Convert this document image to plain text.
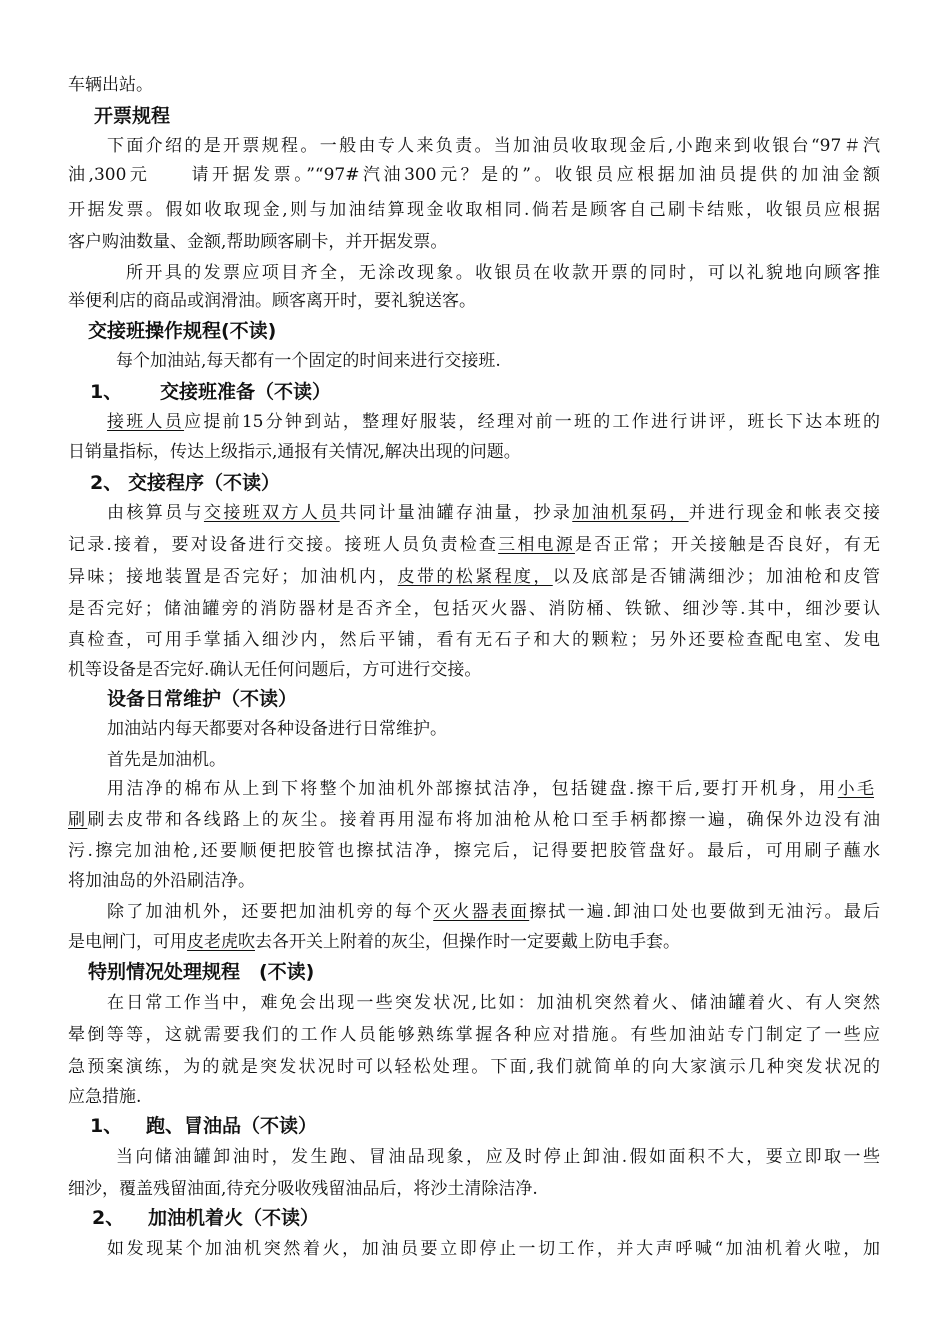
车辆出站。
开票规程
下面介绍的是开票规程。一般由专人来负责。当加油员收取现金后,小跑来到收银台“97＃汽
油,300元　　请开据发票。”“97#汽油300元？是的”。收银员应根据加油员提供的加油金额
开据发票。假如收取现金,则与加油结算现金收取相同.倘若是顾客自己刷卡结账，收银员应根据
客户购油数量、金额,帮助顾客刷卡，并开据发票。
所开具的发票应项目齐全，无涂改现象。收银员在收款开票的同时，可以礼貌地向顾客推
举便利店的商品或润滑油。顾客离开时，要礼貌送客。
交接班操作规程(不读)
每个加油站,每天都有一个固定的时间来进行交接班.
1、 交接班准备（不读）
接班人员应提前15分钟到站，整理好服装，经理对前一班的工作进行讲评，班长下达本班的
日销量指标，传达上级指示,通报有关情况,解决出现的问题。
2、 交接程序（不读）
由核算员与交接班双方人员共同计量油罐存油量，抄录加油机泵码，并进行现金和帐表交接
记录.接着，要对设备进行交接。接班人员负责检查三相电源是否正常；开关接触是否良好，有无
异味；接地装置是否完好；加油机内，皮带的松紧程度，以及底部是否铺满细沙；加油枪和皮管
是否完好；储油罐旁的消防器材是否齐全，包括灭火器、消防桶、铁锨、细沙等.其中，细沙要认
真检查，可用手掌插入细沙内，然后平铺，看有无石子和大的颗粒；另外还要检查配电室、发电
机等设备是否完好.确认无任何问题后，方可进行交接。
设备日常维护（不读）
加油站内每天都要对各种设备进行日常维护。
首先是加油机。
用洁净的棉布从上到下将整个加油机外部擦拭洁净，包括键盘.擦干后,要打开机身，用小毛
刷刷去皮带和各线路上的灰尘。接着再用湿布将加油枪从枪口至手柄都擦一遍，确保外边没有油
污.擦完加油枪,还要顺便把胶管也擦拭洁净，擦完后，记得要把胶管盘好。最后，可用刷子蘸水
将加油岛的外沿刷洁净。
除了加油机外，还要把加油机旁的每个灭火器表面擦拭一遍.卸油口处也要做到无油污。最后
是电闸门，可用皮老虎吹去各开关上附着的灰尘，但操作时一定要戴上防电手套。
特别情况处理规程　(不读)
在日常工作当中，难免会出现一些突发状况,比如：加油机突然着火、储油罐着火、有人突然
晕倒等等，这就需要我们的工作人员能够熟练掌握各种应对措施。有些加油站专门制定了一些应
急预案演练，为的就是突发状况时可以轻松处理。下面,我们就简单的向大家演示几种突发状况的
应急措施.
1、 跑、冒油品（不读）
当向储油罐卸油时，发生跑、冒油品现象，应及时停止卸油.假如面积不大，要立即取一些
细沙，覆盖残留油面,待充分吸收残留油品后，将沙土清除洁净.
2、 加油机着火（不读）
如发现某个加油机突然着火，加油员要立即停止一切工作，并大声呼喊“加油机着火啦，加
